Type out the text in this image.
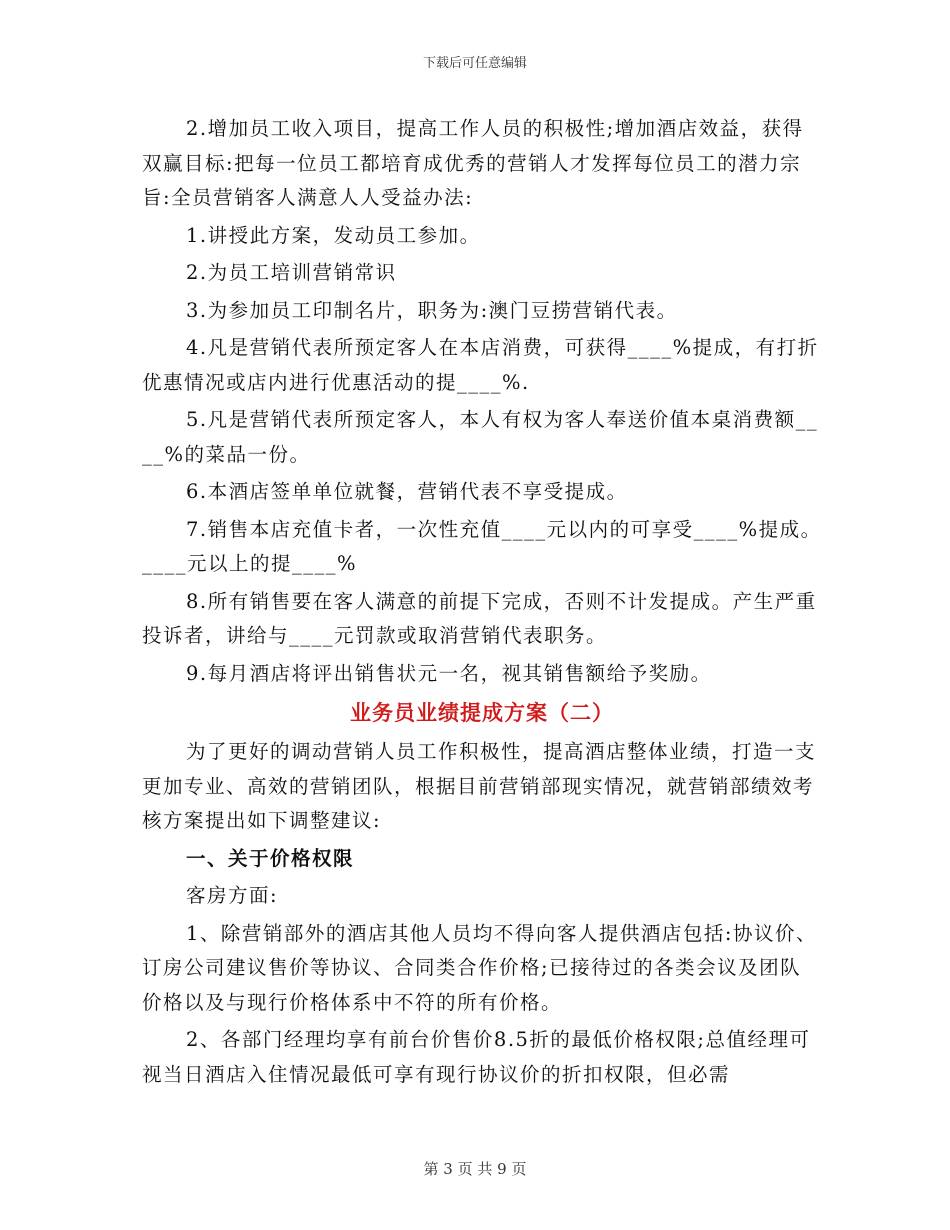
下载后可任意编辑

2.增加员工收入项目，提高工作人员的积极性;增加酒店效益，获得双赢目标:把每一位员工都培育成优秀的营销人才发挥每位员工的潜力宗旨:全员营销客人满意人人受益办法:

1.讲授此方案，发动员工参加。

2.为员工培训营销常识

3.为参加员工印制名片，职务为:澳门豆捞营销代表。

4.凡是营销代表所预定客人在本店消费，可获得____%提成，有打折优惠情况或店内进行优惠活动的提____%.

5.凡是营销代表所预定客人，本人有权为客人奉送价值本桌消费额____%的菜品一份。

6.本酒店签单单位就餐，营销代表不享受提成。

7.销售本店充值卡者，一次性充值____元以内的可享受____%提成。____元以上的提____%

8.所有销售要在客人满意的前提下完成，否则不计发提成。产生严重投诉者，讲给与____元罚款或取消营销代表职务。

9.每月酒店将评出销售状元一名，视其销售额给予奖励。

业务员业绩提成方案（二）

为了更好的调动营销人员工作积极性，提高酒店整体业绩，打造一支更加专业、高效的营销团队，根据目前营销部现实情况，就营销部绩效考核方案提出如下调整建议:

一、关于价格权限

客房方面:

1、除营销部外的酒店其他人员均不得向客人提供酒店包括:协议价、订房公司建议售价等协议、合同类合作价格;已接待过的各类会议及团队价格以及与现行价格体系中不符的所有价格。

2、各部门经理均享有前台价售价8.5折的最低价格权限;总值经理可视当日酒店入住情况最低可享有现行协议价的折扣权限，但必需

第 3 页 共 9 页
